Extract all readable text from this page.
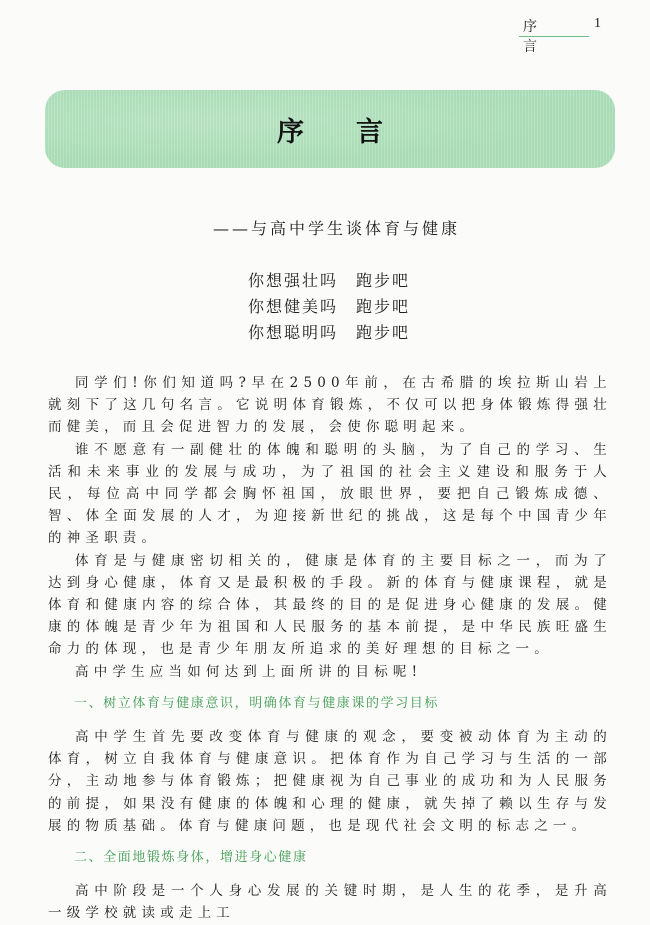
序言
1
序言
——与高中学生谈体育与健康
你想强壮吗　跑步吧
你想健美吗　跑步吧
你想聪明吗　跑步吧

同学们!你们知道吗?早在2500年前，在古希腊的埃拉斯山岩上就刻下了这几句名言。它说明体育锻炼，不仅可以把身体锻炼得强壮而健美，而且会促进智力的发展，会使你聪明起来。

谁不愿意有一副健壮的体魄和聪明的头脑，为了自己的学习、生活和未来事业的发展与成功，为了祖国的社会主义建设和服务于人民，每位高中同学都会胸怀祖国，放眼世界，要把自己锻炼成德、智、体全面发展的人才，为迎接新世纪的挑战，这是每个中国青少年的神圣职责。

体育是与健康密切相关的，健康是体育的主要目标之一，而为了达到身心健康，体育又是最积极的手段。新的体育与健康课程，就是体育和健康内容的综合体，其最终的目的是促进身心健康的发展。健康的体魄是青少年为祖国和人民服务的基本前提，是中华民族旺盛生命力的体现，也是青少年朋友所追求的美好理想的目标之一。

高中学生应当如何达到上面所讲的目标呢!

一、树立体育与健康意识，明确体育与健康课的学习目标

高中学生首先要改变体育与健康的观念，要变被动体育为主动的体育，树立自我体育与健康意识。把体育作为自己学习与生活的一部分，主动地参与体育锻炼；把健康视为自己事业的成功和为人民服务的前提，如果没有健康的体魄和心理的健康，就失掉了赖以生存与发展的物质基础。体育与健康问题，也是现代社会文明的标志之一。

二、全面地锻炼身体，增进身心健康

高中阶段是一个人身心发展的关键时期，是人生的花季，是升高一级学校就读或走上工
